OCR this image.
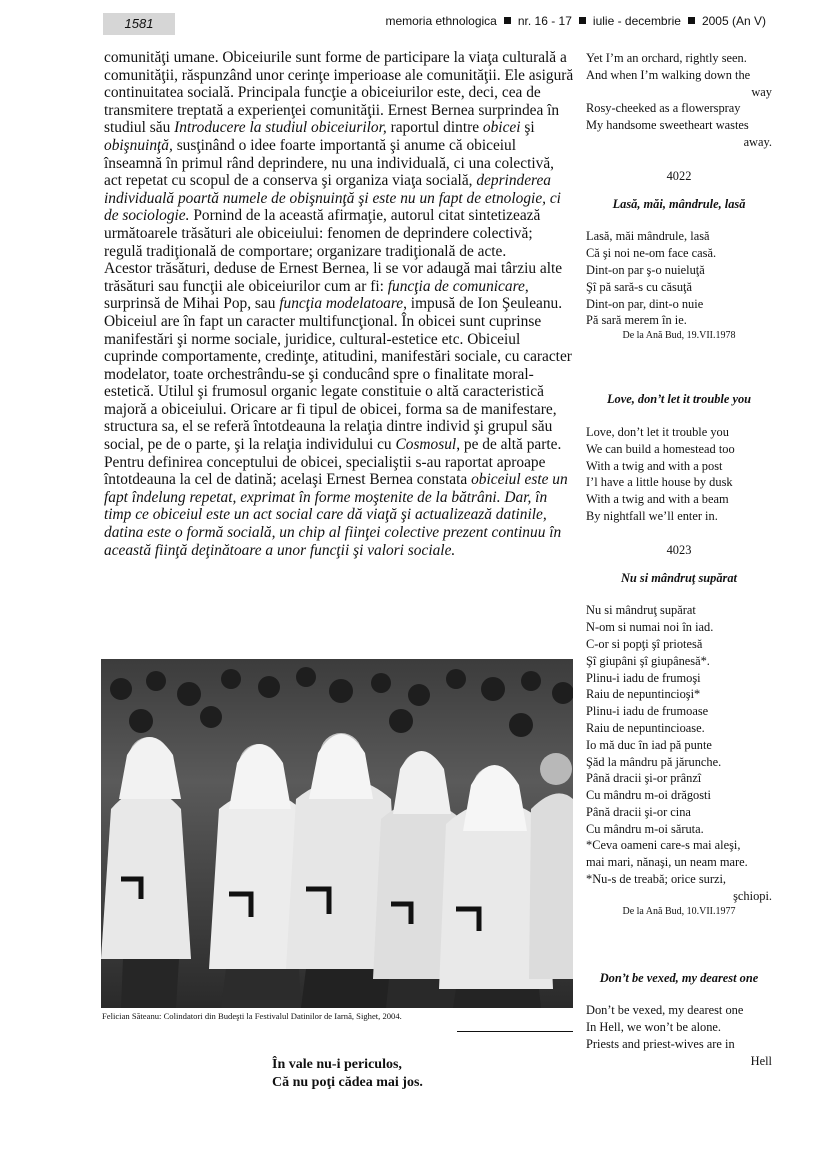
1581	memoria ethnologica nr. 16 - 17 iulie - decembrie 2005 (An V)

comunităţi umane. Obiceiurile sunt forme de participare la viaţa culturală a comunităţii, răspunzând unor cerinţe imperioase ale comunităţii. Ele asigură continuitatea socială. Principala funcţie a obiceiurilor este, deci, cea de transmitere treptată a experienţei comunităţii. Ernest Bernea surprindea în studiul său Introducere la studiul obiceiurilor, raportul dintre obicei şi obişnuinţă, susţinând o idee foarte importantă şi anume că obiceiul înseamnă în primul rând deprindere, nu una individuală, ci una colectivă, act repetat cu scopul de a conserva şi organiza viaţa socială, deprinderea individuală poartă numele de obişnuinţă şi este nu un fapt de etnologie, ci de sociologie. Pornind de la această afirmaţie, autorul citat sintetizează următoarele trăsături ale obiceiului: fenomen de deprindere colectivă; regulă tradiţională de comportare; organizare tradiţională de acte.

Acestor trăsături, deduse de Ernest Bernea, li se vor adaugă mai târziu alte trăsături sau funcţii ale obiceiurilor cum ar fi: funcţia de comunicare, surprinsă de Mihai Pop, sau funcţia modelatoare, impusă de Ion Şeuleanu. Obiceiul are în fapt un caracter multifuncţional. În obicei sunt cuprinse manifestări şi norme sociale, juridice, cultural-estetice etc. Obiceiul cuprinde comportamente, credinţe, atitudini, manifestări sociale, cu caracter modelator, toate orchestrându-se şi conducând spre o finalitate moral-estetică. Utilul şi frumosul organic legate constituie o altă caracteristică majoră a obiceiului. Oricare ar fi tipul de obicei, forma sa de manifestare, structura sa, el se referă întotdeauna la relaţia dintre individ şi grupul său social, pe de o parte, şi la relaţia individului cu Cosmosul, pe de altă parte.

Pentru definirea conceptului de obicei, specialiştii s-au raportat aproape întotdeauna la cel de datină; acelaşi Ernest Bernea constata obiceiul este un fapt îndelung repetat, exprimat în forme moştenite de la bătrâni. Dar, în timp ce obiceiul este un act social care dă viaţă şi actualizează datinile, datina este o formă socială, un chip al fiinţei colective prezent continuu în această fiinţă deţinătoare a unor funcţii şi valori sociale.

Felician Săteanu: Colindatori din Budeşti la Festivalul Datinilor de Iarnă, Sighet, 2004.
În vale nu-i periculos,
Că nu poţi cădea mai jos.
Yet I’m an orchard, rightly seen.
And when I’m walking down the
way
Rosy-cheeked as a flowerspray
My handsome sweetheart wastes
away.
4022
Lasă, măi, mândrule, lasă
Lasă, măi mândrule, lasă
Că şi noi ne-om face casă.
Dint-on par ş-o nuieluţă
Şî pă sară-s cu căsuţă
Dint-on par, dint-o nuie
Pă sară merem în ie.
De la Ană Bud, 19.VII.1978
Love, don’t let it trouble you
Love, don’t let it trouble you
We can build a homestead too
With a twig and with a post
I’l have a little house by dusk
With a twig and with a beam
By nightfall we’ll enter in.
4023
Nu si mândruţ supărat
Nu si mândruţ supărat
N-om si numai noi în iad.
C-or si popţi şî priotesă
Şî giupâni şî giupânesă*.
Plinu-i iadu de frumoşi
Raiu de nepuntincioşi*
Plinu-i iadu de frumoase
Raiu de nepuntincioase.
Io mă duc în iad pă punte
Şăd la mândru pă jărunche.
Până dracii şi-or prânzî
Cu mândru m-oi drăgosti
Până dracii şi-or cina
Cu mândru m-oi săruta.
*Ceva oameni care-s mai aleşi,
mai mari, nănaşi, un neam mare.
*Nu-s de treabă; orice surzi,
şchiopi.
De la Ană Bud, 10.VII.1977
Don’t be vexed, my dearest one
Don’t be vexed, my dearest one
In Hell, we won’t be alone.
Priests and priest-wives are in
Hell
